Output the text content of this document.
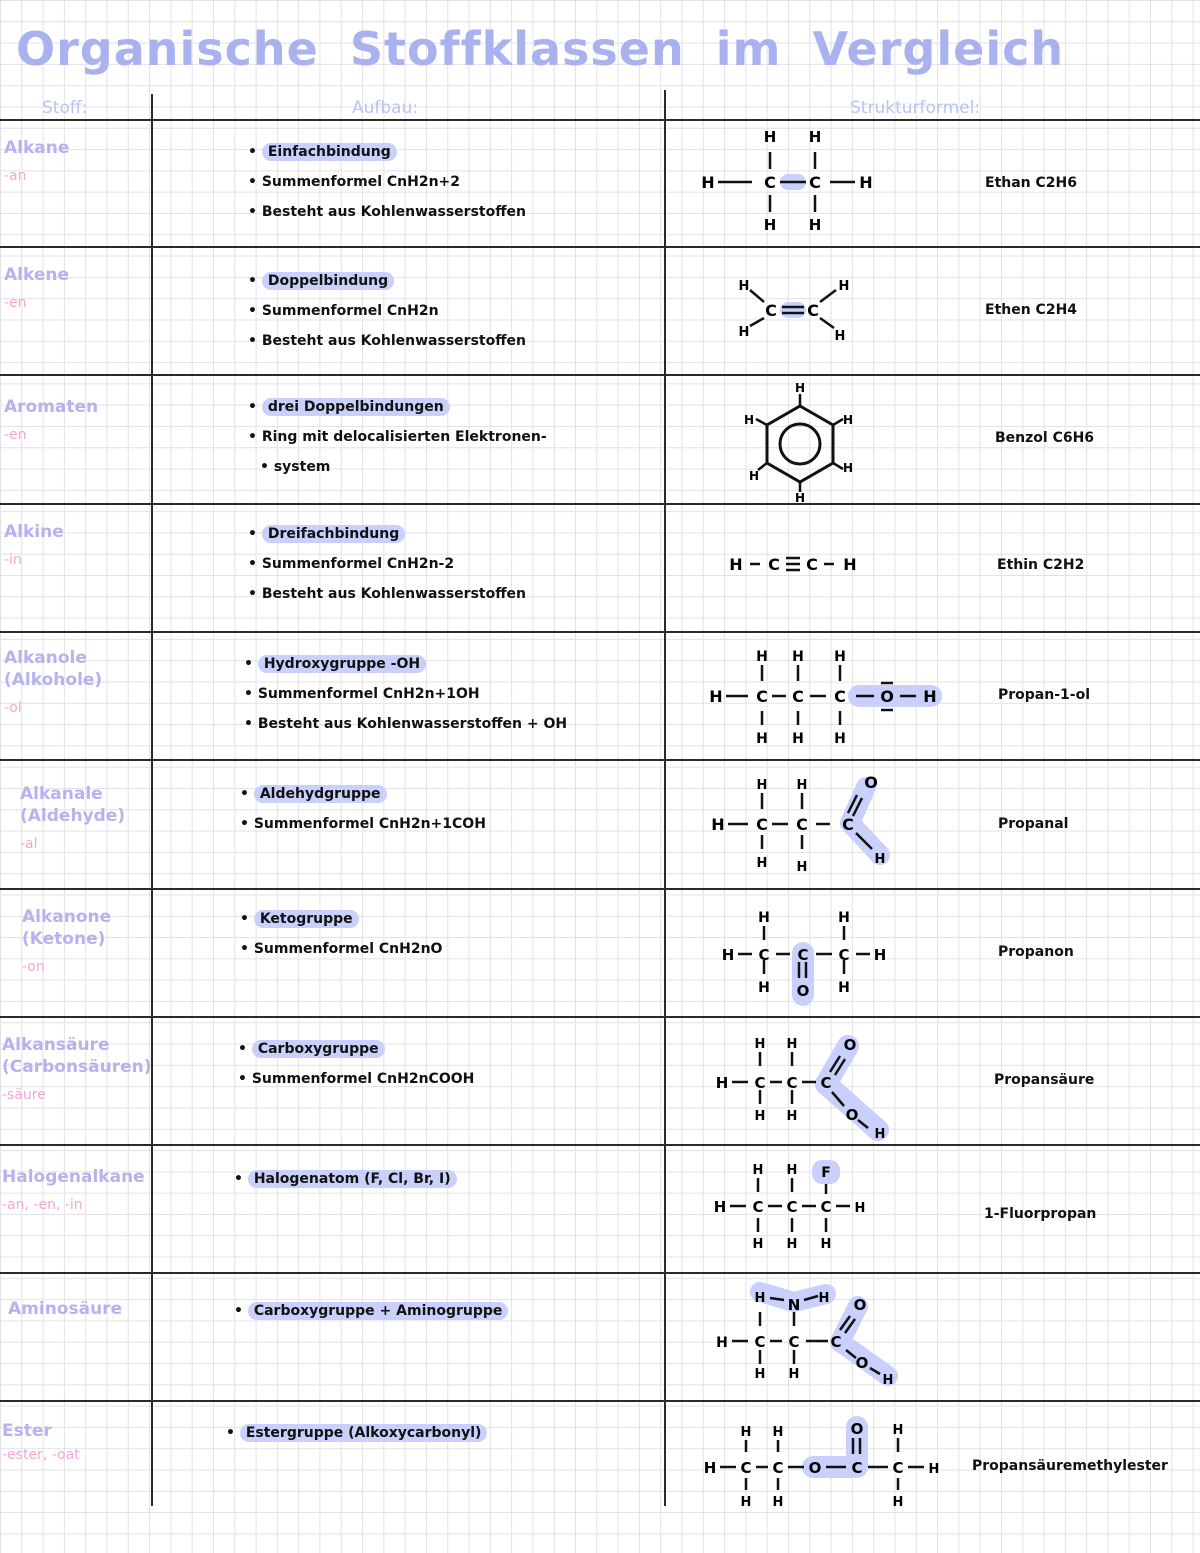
Organische Stoffklassen im Vergleich
Stoff:	Aufbau:	Strukturformel:
Alkane
-an
• Einfachbindung
• Summenformel CnH2n+2
• Besteht aus Kohlenwasserstoffen
H H
H	C C H
H H
Ethan C2H6
Alkene
-en
• Doppelbindung
• Summenformel CnH2n
• Besteht aus Kohlenwasserstoffen
H
H
C C
H
H
Ethen C2H4
Aromaten
-en
• drei Doppelbindungen
• Ring mit delocalisierten Elektronen-
• system
H
H
H
H
H
H
Benzol C6H6
Alkine
-in
• Dreifachbindung
• Summenformel CnH2n-2
• Besteht aus Kohlenwasserstoffen
H C C H	Ethin C2H2
Alkanole (Alkohole)
-ol
• Hydroxygruppe -OH
• Summenformel CnH2n+1OH
• Besteht aus Kohlenwasserstoffen + OH
H H H
H C C C O H
H H H
Propan-1-ol
Alkanale (Aldehyde)
-al
• Aldehydgruppe
• Summenformel CnH2n+1COH
H H
H C C C
O
H
H H
H
Propanal
Alkanone (Ketone)
-on
• Ketogruppe
• Summenformel CnH2nO
H	H
H C C C H
O
H	H
Propanon
Alkansäure (Carbonsäuren)
-säure
• Carboxygruppe
• Summenformel CnH2nCOOH
H H
H C C C
O
O
H
H H
Propansäure
Halogenalkane
-an, -en, -in
• Halogenatom (F, Cl, Br, I)
H H F
H C C C H
H H H
1-Fluorpropan
Aminosäure
•	Carboxygruppe + Aminogruppe
H N H O
H C C C
O
H
H H
Ester
-ester, -oat
• Estergruppe (Alkoxycarbonyl)	H H	O H
H C C O C C H
H H	H
Propansäuremethylester
